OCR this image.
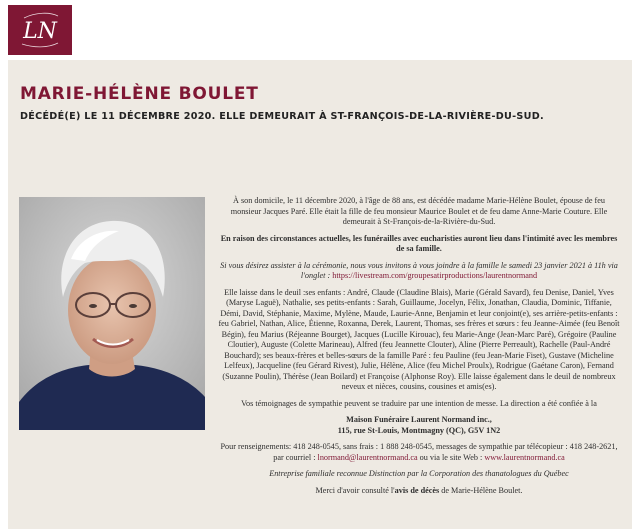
LN
MARIE-HÉLÈNE BOULET

DÉCÉDÉ(E) LE 11 DÉCEMBRE 2020. ELLE DEMEURAIT À ST-FRANÇOIS-DE-LA-RIVIÈRE-DU-SUD.

À son domicile, le 11 décembre 2020, à l'âge de 88 ans, est décédée madame Marie-Hélène Boulet, épouse de feu monsieur Jacques Paré. Elle était la fille de feu monsieur Maurice Boulet et de feu dame Anne-Marie Couture. Elle demeurait à St-François-de-la-Rivière-du-Sud.

En raison des circonstances actuelles, les funérailles avec eucharisties auront lieu dans l'intimité avec les membres de sa famille.

Si vous désirez assister à la cérémonie, nous vous invitons à vous joindre à la famille le samedi 23 janvier 2021 à 11h via l'onglet : https://livestream.com/groupesatirproductions/laurentnormand

Elle laisse dans le deuil :ses enfants : André, Claude (Claudine Blais), Marie (Gérald Savard), feu Denise, Daniel, Yves (Maryse Laguë), Nathalie, ses petits-enfants : Sarah, Guillaume, Jocelyn, Félix, Jonathan, Claudia, Dominic, Tiffanie, Démi, David, Stéphanie, Maxime, Mylène, Maude, Laurie-Anne, Benjamin et leur conjoint(e), ses arrière-petits-enfants : feu Gabriel, Nathan, Alice, Étienne, Roxanna, Derek, Laurent, Thomas, ses frères et sœurs : feu Jeanne-Aimée (feu Benoît Bégin), feu Marius (Réjeanne Bourget), Jacques (Lucille Kirouac), feu Marie-Ange (Jean-Marc Paré), Grégoire (Pauline Cloutier), Auguste (Colette Marineau), Alfred (feu Jeannette Clouter), Aline (Pierre Perreault), Rachelle (Paul-André Bouchard); ses beaux-frères et belles-sœurs de la famille Paré : feu Pauline (feu Jean-Marie Fiset), Gustave (Micheline Lelfeux), Jacqueline (feu Gérard Rivest), Julie, Hélène, Alice (feu Michel Proulx), Rodrigue (Gaétane Caron), Fernand (Suzanne Poulin), Thérèse (Jean Boilard) et Françoise (Alphonse Roy). Elle laisse également dans le deuil de nombreux neveux et nièces, cousins, cousines et amis(es).

Vos témoignages de sympathie peuvent se traduire par une intention de messe. La direction a été confiée à la

Maison Funéraire Laurent Normand inc.,
115, rue St-Louis, Montmagny (QC), G5V 1N2

Pour renseignements: 418 248-0545, sans frais : 1 888 248-0545, messages de sympathie par télécopieur : 418 248-2621, par courriel : lnormand@laurentnormand.ca ou via le site Web : www.laurentnormand.ca

Entreprise familiale reconnue Distinction par la Corporation des thanatologues du Québec

Merci d'avoir consulté l'avis de décès de Marie-Hélène Boulet.
